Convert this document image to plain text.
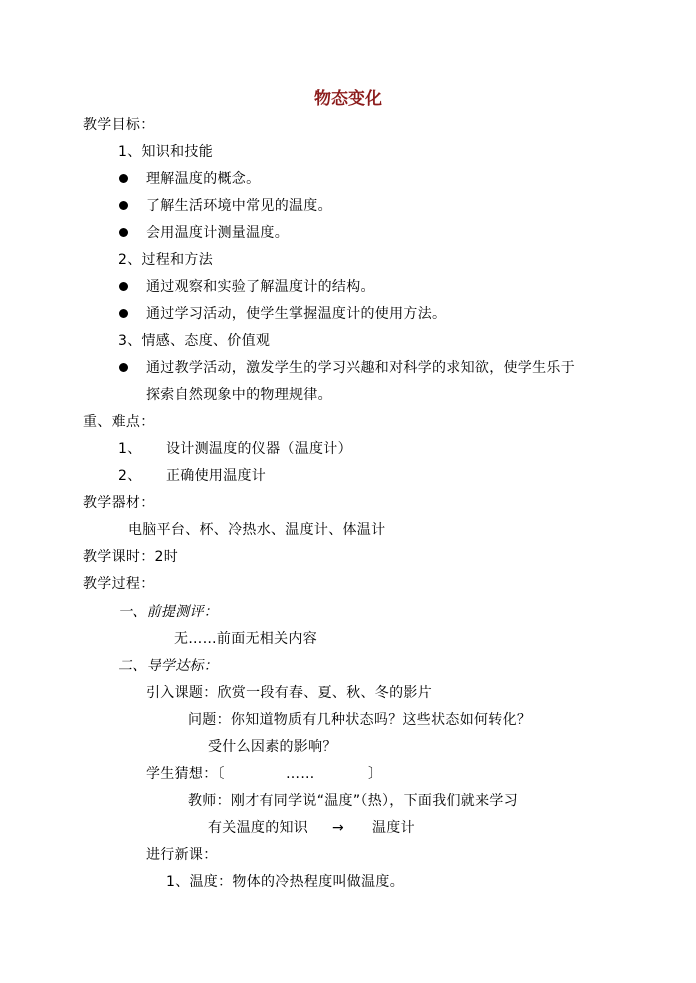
物态变化
教学目标：
1、知识和技能
理解温度的概念。
了解生活环境中常见的温度。
会用温度计测量温度。
2、过程和方法
通过观察和实验了解温度计的结构。
通过学习活动，使学生掌握温度计的使用方法。
3、情感、态度、价值观
通过教学活动，激发学生的学习兴趣和对科学的求知欲，使学生乐于
探索自然现象中的物理规律。
重、难点：
1、 设计测温度的仪器（温度计）
2、 正确使用温度计
教学器材：
电脑平台、杯、冷热水、温度计、体温计
教学课时：2时
教学过程：
一、前提测评：
无……前面无相关内容
二、导学达标：
引入课题：欣赏一段有春、夏、秋、冬的影片
问题：你知道物质有几种状态吗？这些状态如何转化？
受什么因素的影响？
学生猜想：〔	……	〕
教师：刚才有同学说“温度”（热），下面我们就来学习
有关温度的知识 → 温度计
进行新课：
1、温度：物体的冷热程度叫做温度。
